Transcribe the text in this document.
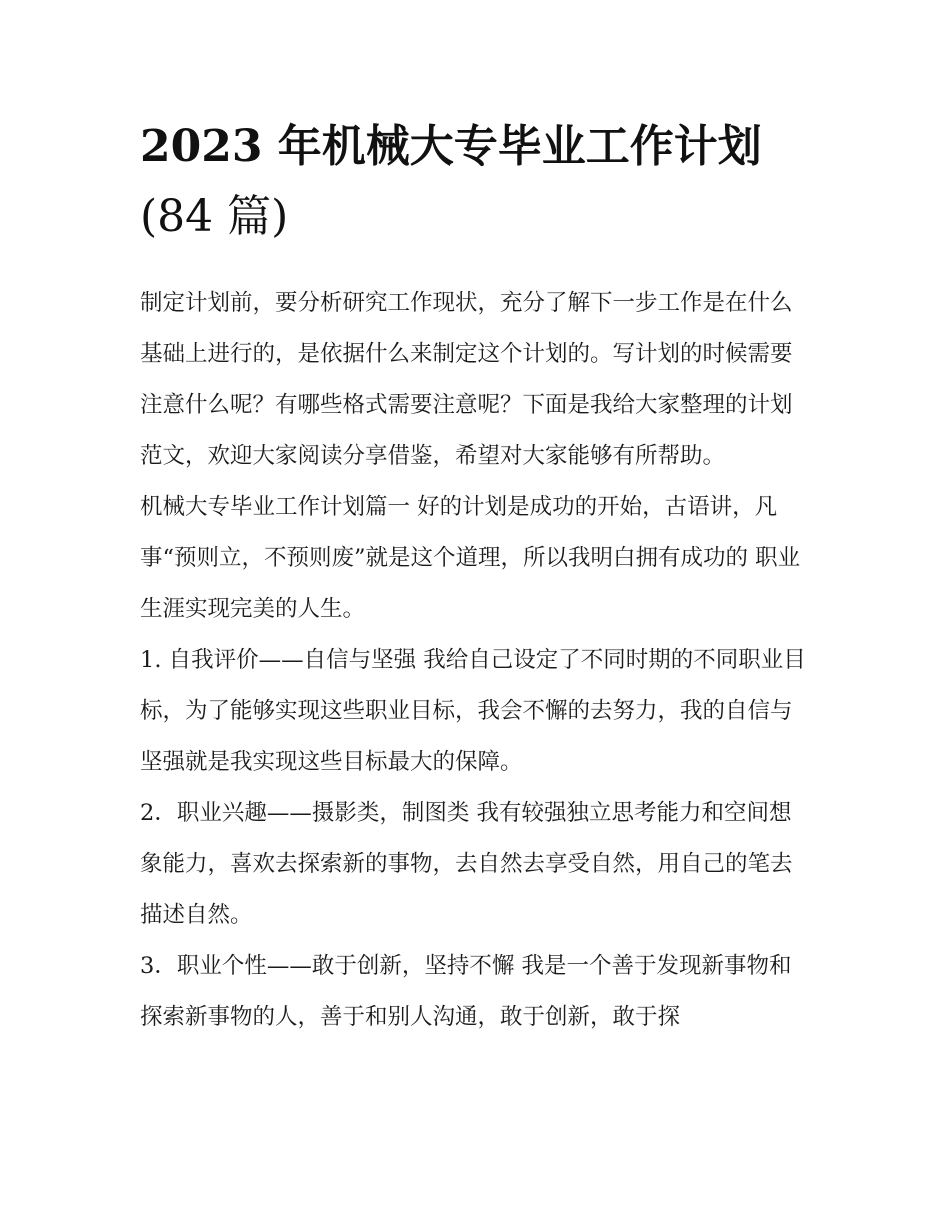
2023 年机械大专毕业工作计划
(84 篇)

制定计划前，要分析研究工作现状，充分了解下一步工作是在什么基础上进行的，是依据什么来制定这个计划的。写计划的时候需要注意什么呢？有哪些格式需要注意呢？下面是我给大家整理的计划范文，欢迎大家阅读分享借鉴，希望对大家能够有所帮助。

机械大专毕业工作计划篇一 好的计划是成功的开始，古语讲，凡事“预则立，不预则废”就是这个道理，所以我明白拥有成功的 职业生涯实现完美的人生。

1. 自我评价——自信与坚强 我给自己设定了不同时期的不同职业目标，为了能够实现这些职业目标，我会不懈的去努力，我的自信与坚强就是我实现这些目标最大的保障。

2．职业兴趣——摄影类，制图类 我有较强独立思考能力和空间想象能力，喜欢去探索新的事物，去自然去享受自然，用自己的笔去描述自然。

3．职业个性——敢于创新，坚持不懈 我是一个善于发现新事物和探索新事物的人，善于和别人沟通，敢于创新，敢于探
